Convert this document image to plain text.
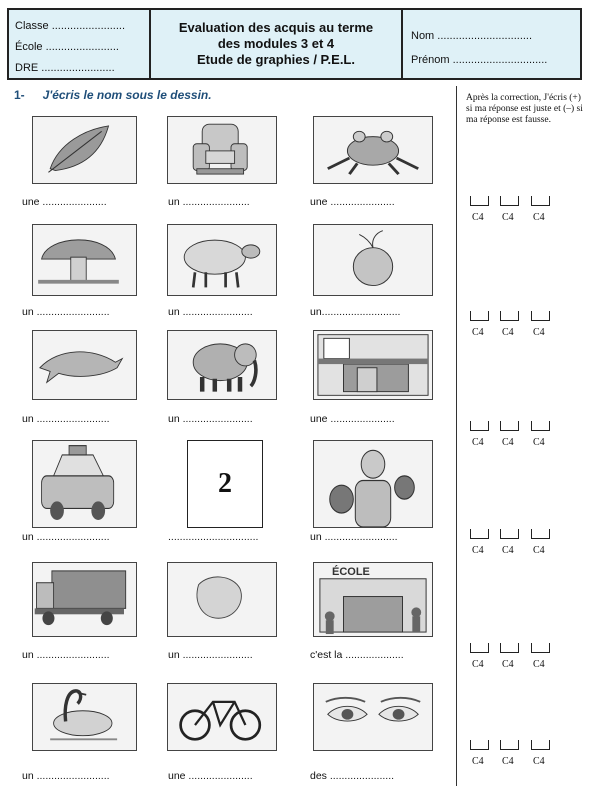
Classe ........................
École ........................
DRE ........................
Evaluation des acquis au terme
des modules 3 et 4
Etude de graphies / P.E.L.
Nom ...............................
Prénom ...............................
1- J'écris le nom sous le dessin.	Après la correction, J'écris (+) si ma réponse est juste et (–) si ma réponse est fausse.
une ......................
C4
un .......................
C4
une ......................
C4
un .........................
C4
un ........................
C4
un...........................
C4
un .........................
C4
un ........................
C4
une ......................
C4
un .........................
C4
2
...............................
C4
un .........................
C4
un .........................
C4
un ........................
C4
ÉCOLE
c'est la ....................
C4
un .........................
C4
une ......................
C4
des ......................
C4
